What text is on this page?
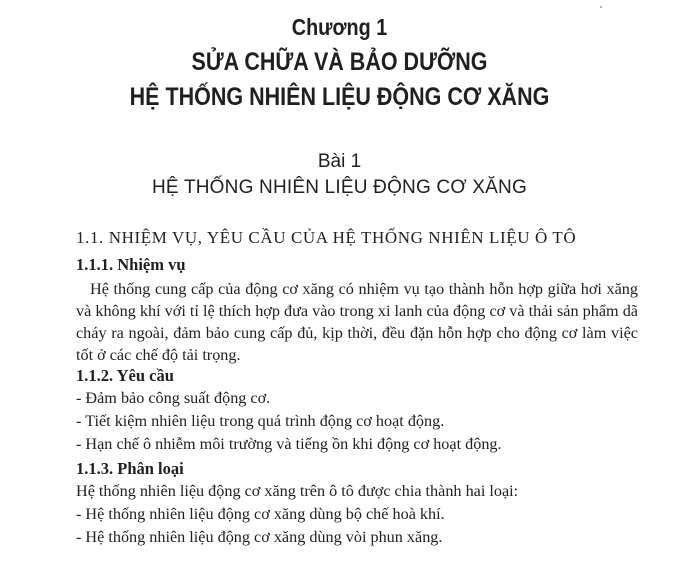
Chương 1
SỬA CHỮA VÀ BẢO DƯỠNG
HỆ THỐNG NHIÊN LIỆU ĐỘNG CƠ XĂNG
Bài 1
HỆ THỐNG NHIÊN LIỆU ĐỘNG CƠ XĂNG
1.1. NHIỆM VỤ, YÊU CẦU CỦA HỆ THỐNG NHIÊN LIỆU Ô TÔ
1.1.1. Nhiệm vụ

Hệ thống cung cấp của động cơ xăng có nhiệm vụ tạo thành hỗn hợp giữa hơi xăng và không khí với tỉ lệ thích hợp đưa vào trong xi lanh của động cơ và thải sản phẩm dã cháy ra ngoài, đảm bảo cung cấp đủ, kịp thời, đều đặn hỗn hợp cho động cơ làm việc tốt ở các chế độ tải trọng.

1.1.2. Yêu cầu
- Đảm bảo công suất động cơ.
- Tiết kiệm nhiên liệu trong quá trình động cơ hoạt động.
- Hạn chế ô nhiễm môi trường và tiếng ồn khi động cơ hoạt động.
1.1.3. Phân loại
Hệ thống nhiên liệu động cơ xăng trên ô tô được chia thành hai loại:
- Hệ thống nhiên liệu động cơ xăng dùng bộ chế hoà khí.
- Hệ thống nhiên liệu động cơ xăng dùng vòi phun xăng.
